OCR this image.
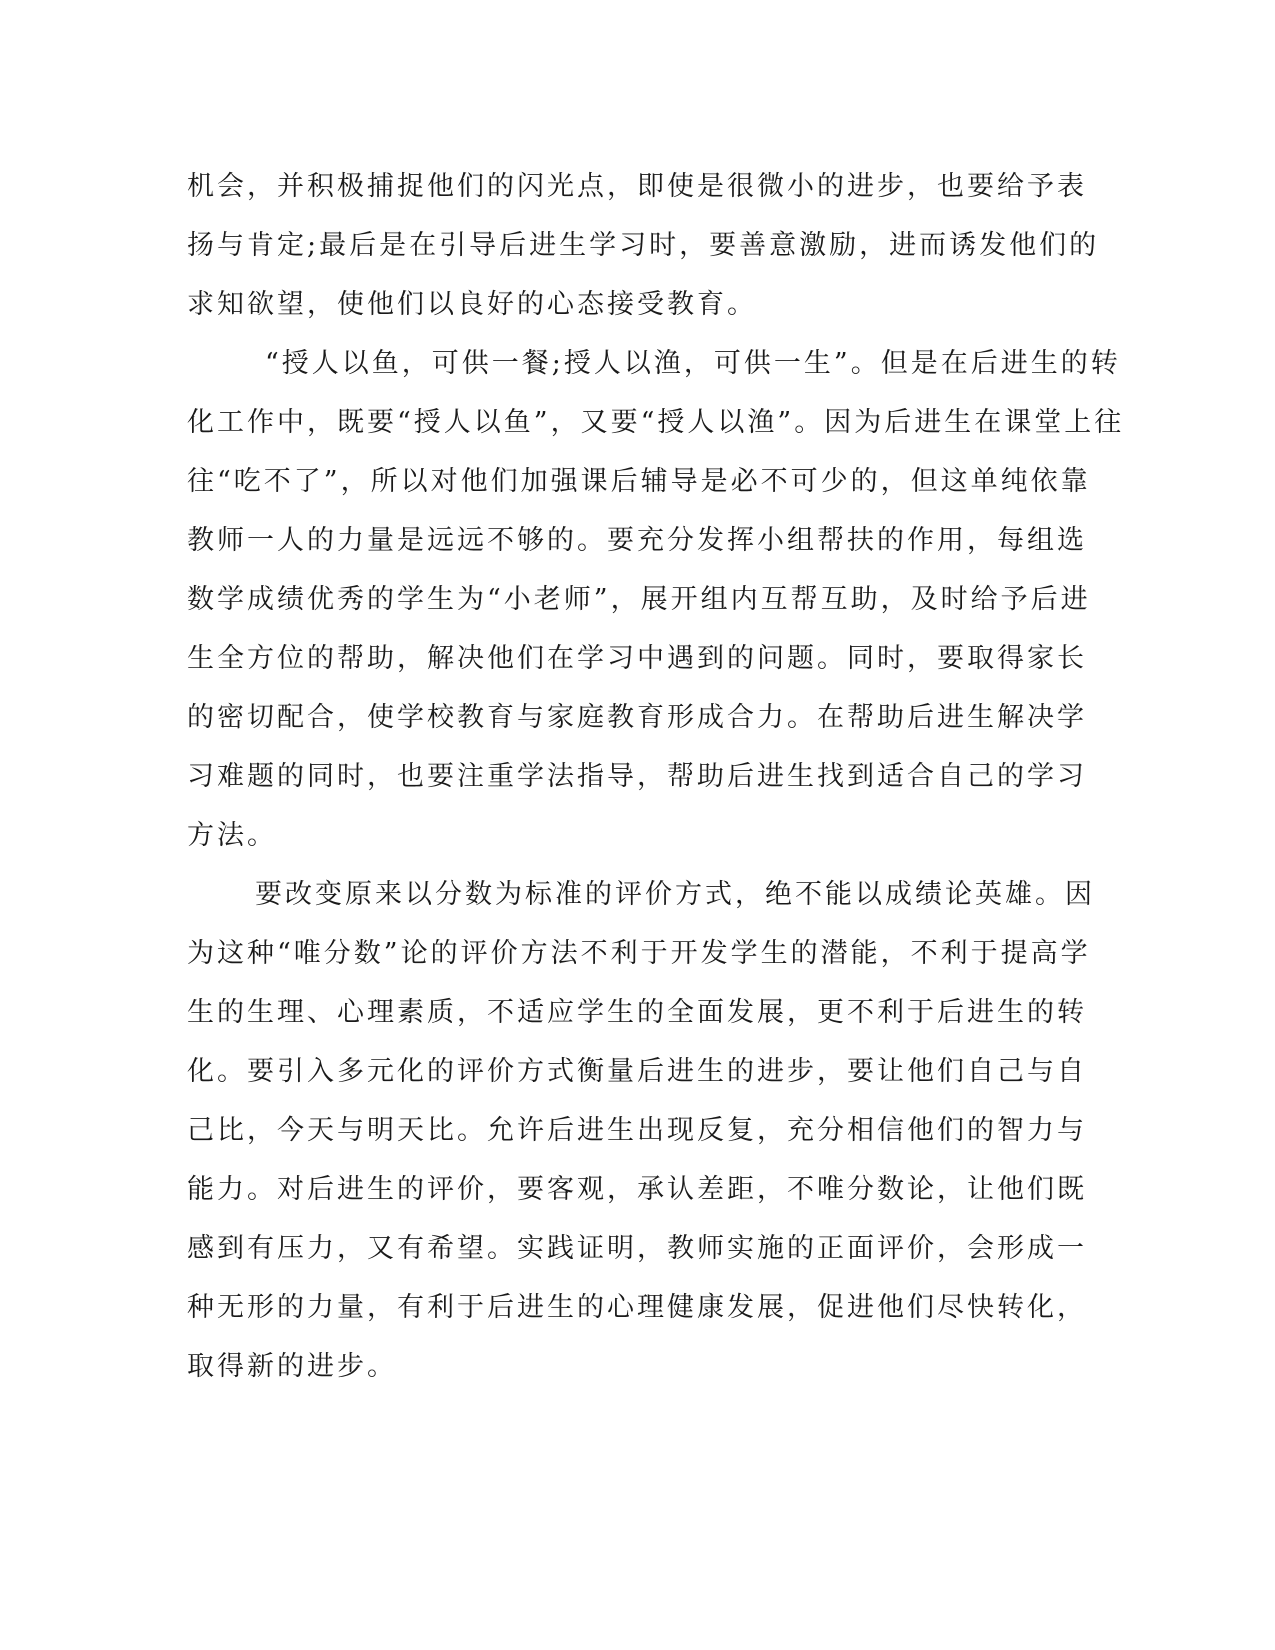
机会，并积极捕捉他们的闪光点，即使是很微小的进步，也要给予表
扬与肯定;最后是在引导后进生学习时，要善意激励，进而诱发他们的
求知欲望，使他们以良好的心态接受教育。

“授人以鱼，可供一餐;授人以渔，可供一生”。但是在后进生的转
化工作中，既要“授人以鱼”，又要“授人以渔”。因为后进生在课堂上往
往“吃不了”，所以对他们加强课后辅导是必不可少的，但这单纯依靠
教师一人的力量是远远不够的。要充分发挥小组帮扶的作用，每组选
数学成绩优秀的学生为“小老师”，展开组内互帮互助，及时给予后进
生全方位的帮助，解决他们在学习中遇到的问题。同时，要取得家长
的密切配合，使学校教育与家庭教育形成合力。在帮助后进生解决学
习难题的同时，也要注重学法指导，帮助后进生找到适合自己的学习
方法。

要改变原来以分数为标准的评价方式，绝不能以成绩论英雄。因
为这种“唯分数”论的评价方法不利于开发学生的潜能，不利于提高学
生的生理、心理素质，不适应学生的全面发展，更不利于后进生的转
化。要引入多元化的评价方式衡量后进生的进步，要让他们自己与自
己比，今天与明天比。允许后进生出现反复，充分相信他们的智力与
能力。对后进生的评价，要客观，承认差距，不唯分数论，让他们既
感到有压力，又有希望。实践证明，教师实施的正面评价，会形成一
种无形的力量，有利于后进生的心理健康发展，促进他们尽快转化，
取得新的进步。
